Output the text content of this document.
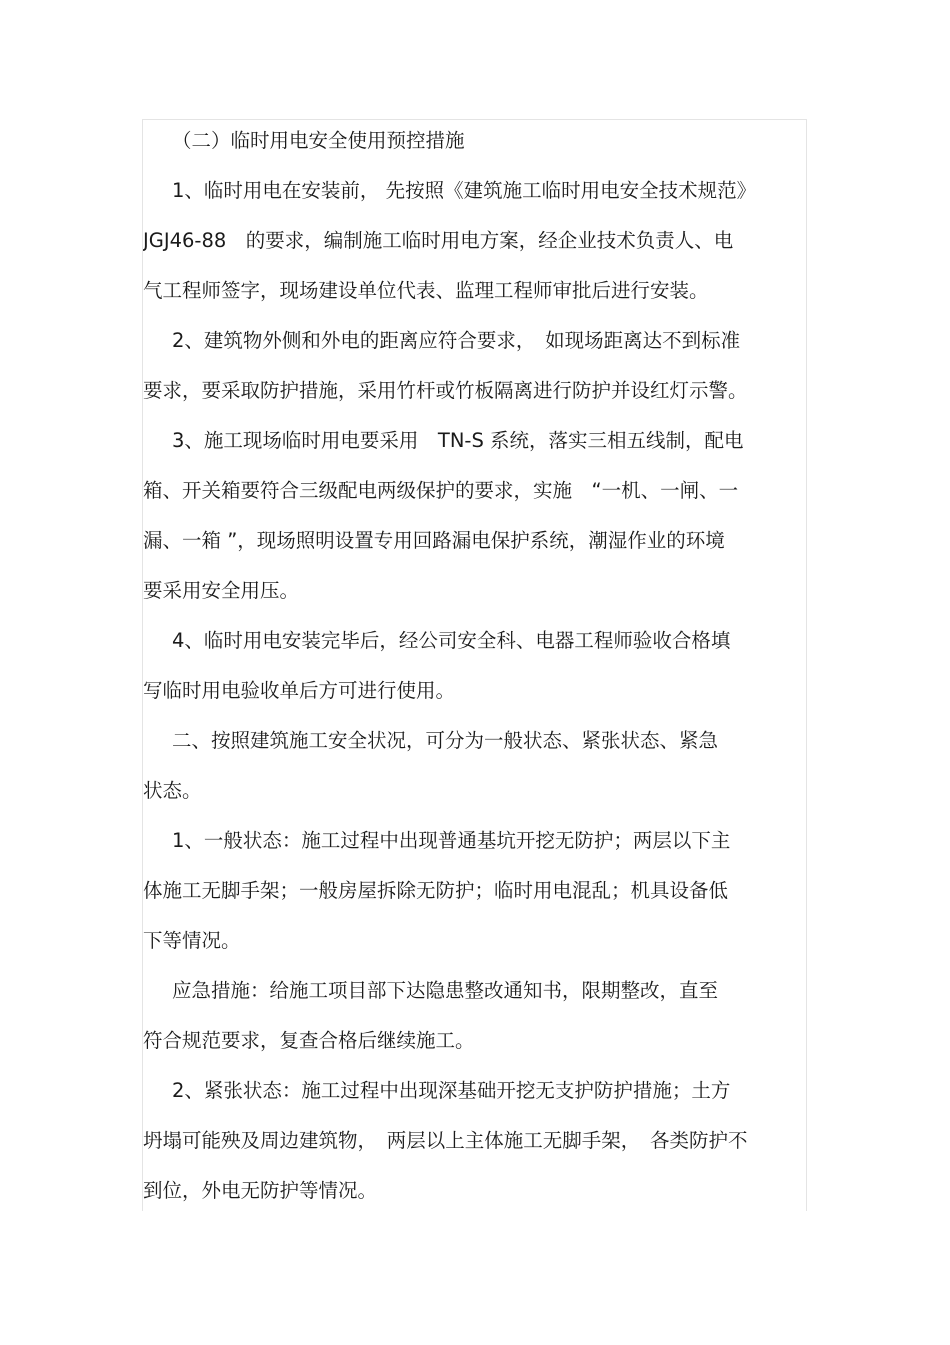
（二）临时用电安全使用预控措施
1、临时用电在安装前， 先按照《建筑施工临时用电安全技术规范》
JGJ46-88　的要求，编制施工临时用电方案，经企业技术负责人、电
气工程师签字，现场建设单位代表、监理工程师审批后进行安装。
2、建筑物外侧和外电的距离应符合要求，　如现场距离达不到标准
要求，要采取防护措施，采用竹杆或竹板隔离进行防护并设红灯示警。
3、施工现场临时用电要采用　TN-S 系统，落实三相五线制，配电
箱、开关箱要符合三级配电两级保护的要求，实施　“一机、一闸、一
漏、一箱 ”，现场照明设置专用回路漏电保护系统，潮湿作业的环境
要采用安全用压。
4、临时用电安装完毕后，经公司安全科、电器工程师验收合格填
写临时用电验收单后方可进行使用。
二、按照建筑施工安全状况，可分为一般状态、紧张状态、紧急
状态。
1、一般状态：施工过程中出现普通基坑开挖无防护；两层以下主
体施工无脚手架；一般房屋拆除无防护；临时用电混乱；机具设备低
下等情况。
应急措施：给施工项目部下达隐患整改通知书，限期整改，直至
符合规范要求，复查合格后继续施工。
2、紧张状态：施工过程中出现深基础开挖无支护防护措施；土方
坍塌可能殃及周边建筑物，　两层以上主体施工无脚手架，　各类防护不
到位，外电无防护等情况。
